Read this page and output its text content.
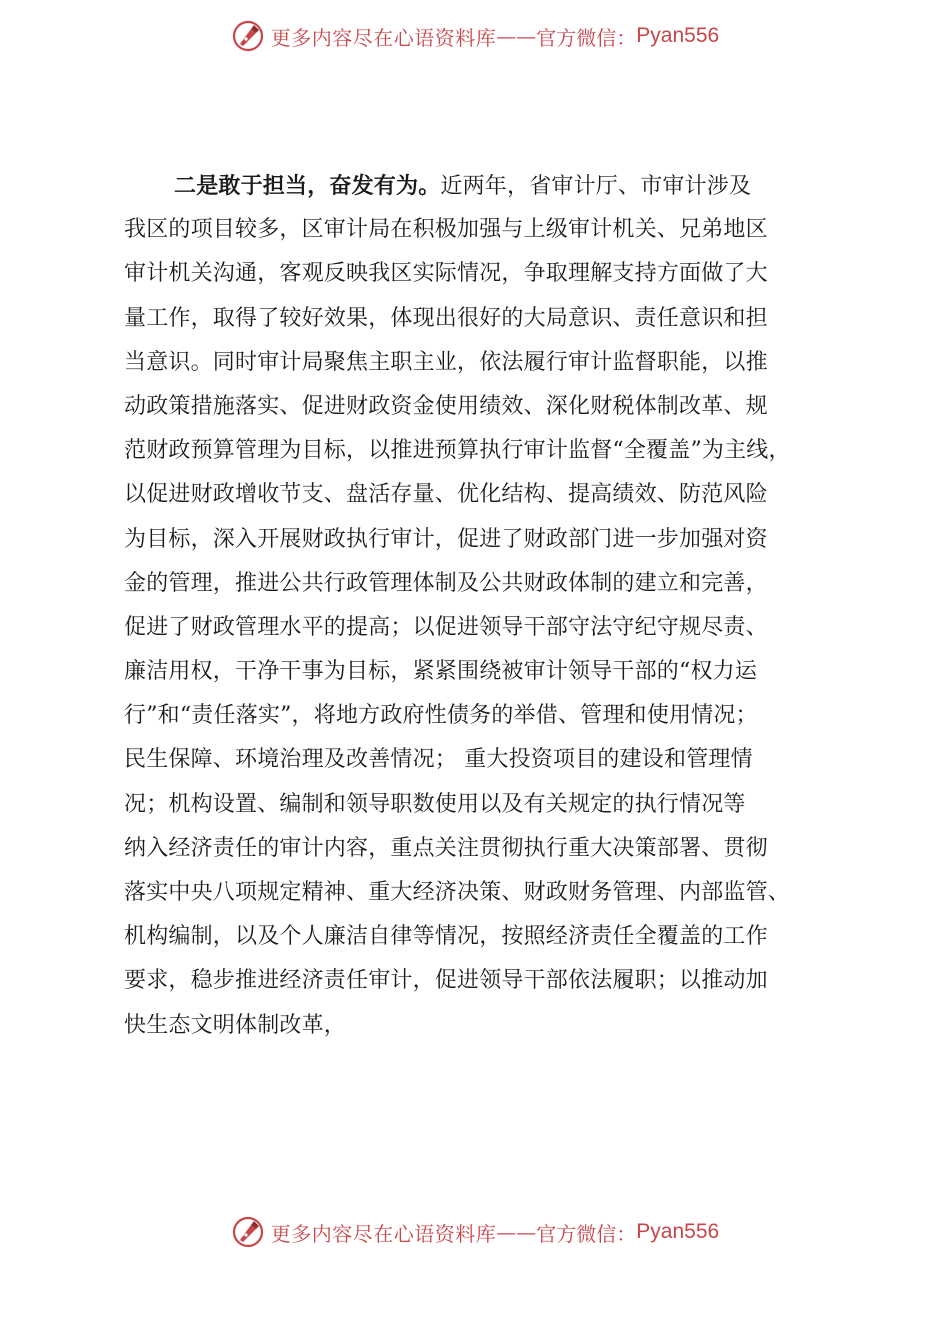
更多内容尽在心语资料库 —— 官方微信： Pyan556
二是敢于担当，奋发有为。近两年，省审计厅、市审计涉及
我区的项目较多，区审计局在积极加强与上级审计机关、兄弟地区
审计机关沟通，客观反映我区实际情况，争取理解支持方面做了大
量工作，取得了较好效果，体现出很好的大局意识、责任意识和担
当意识。同时审计局聚焦主职主业，依法履行审计监督职能，以推
动政策措施落实、促进财政资金使用绩效、深化财税体制改革、规
范财政预算管理为目标，以推进预算执行审计监督“全覆盖”为主线，
以促进财政增收节支、盘活存量、优化结构、提高绩效、防范风险
为目标，深入开展财政执行审计，促进了财政部门进一步加强对资
金的管理，推进公共行政管理体制及公共财政体制的建立和完善，
促进了财政管理水平的提高；以促进领导干部守法守纪守规尽责、
廉洁用权，干净干事为目标，紧紧围绕被审计领导干部的“权力运
行”和“责任落实”，将地方政府性债务的举借、管理和使用情况；
民生保障、环境治理及改善情况； 重大投资项目的建设和管理情
况；机构设置、编制和领导职数使用以及有关规定的执行情况等
纳入经济责任的审计内容，重点关注贯彻执行重大决策部署、贯彻
落实中央八项规定精神、重大经济决策、财政财务管理、内部监管、
机构编制，以及个人廉洁自律等情况，按照经济责任全覆盖的工作
要求，稳步推进经济责任审计，促进领导干部依法履职；以推动加
快生态文明体制改革，
更多内容尽在心语资料库 —— 官方微信： Pyan556
